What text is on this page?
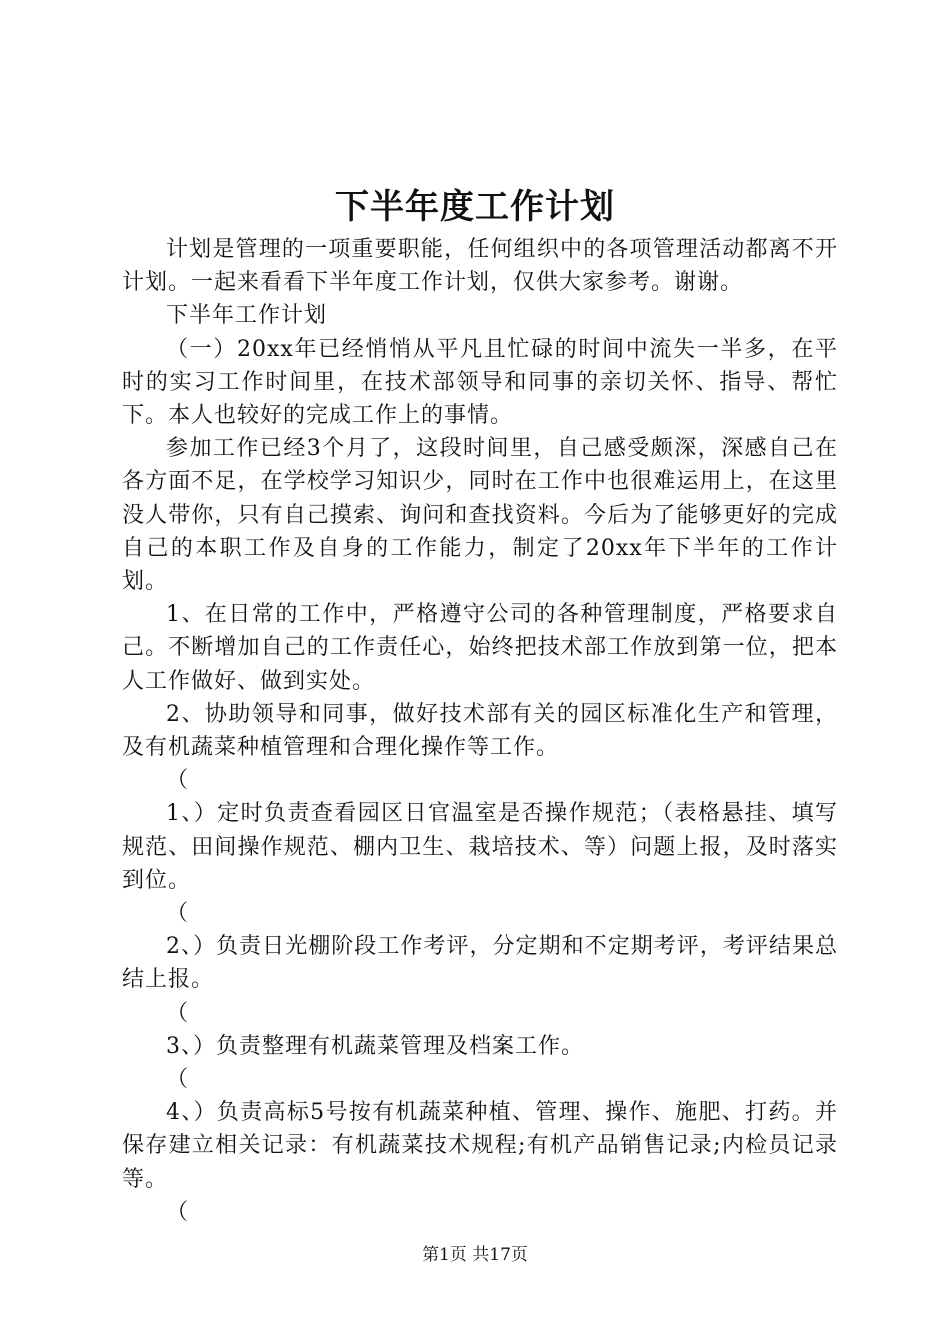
下半年度工作计划

计划是管理的一项重要职能，任何组织中的各项管理活动都离不开计划。一起来看看下半年度工作计划，仅供大家参考。谢谢。

下半年工作计划

（一）20xx年已经悄悄从平凡且忙碌的时间中流失一半多，在平时的实习工作时间里，在技术部领导和同事的亲切关怀、指导、帮忙下。本人也较好的完成工作上的事情。

参加工作已经3个月了，这段时间里，自己感受颇深，深感自己在各方面不足，在学校学习知识少，同时在工作中也很难运用上，在这里没人带你，只有自己摸索、询问和查找资料。今后为了能够更好的完成自己的本职工作及自身的工作能力，制定了20xx年下半年的工作计划。

1、在日常的工作中，严格遵守公司的各种管理制度，严格要求自己。不断增加自己的工作责任心，始终把技术部工作放到第一位，把本人工作做好、做到实处。

2、协助领导和同事，做好技术部有关的园区标准化生产和管理，及有机蔬菜种植管理和合理化操作等工作。

（

1、）定时负责查看园区日官温室是否操作规范；（表格悬挂、填写规范、田间操作规范、棚内卫生、栽培技术、等）问题上报，及时落实到位。

（

2、）负责日光棚阶段工作考评，分定期和不定期考评，考评结果总结上报。

（

3、）负责整理有机蔬菜管理及档案工作。

（

4、）负责高标5号按有机蔬菜种植、管理、操作、施肥、打药。并保存建立相关记录：有机蔬菜技术规程;有机产品销售记录;内检员记录等。

（

第1页 共17页
